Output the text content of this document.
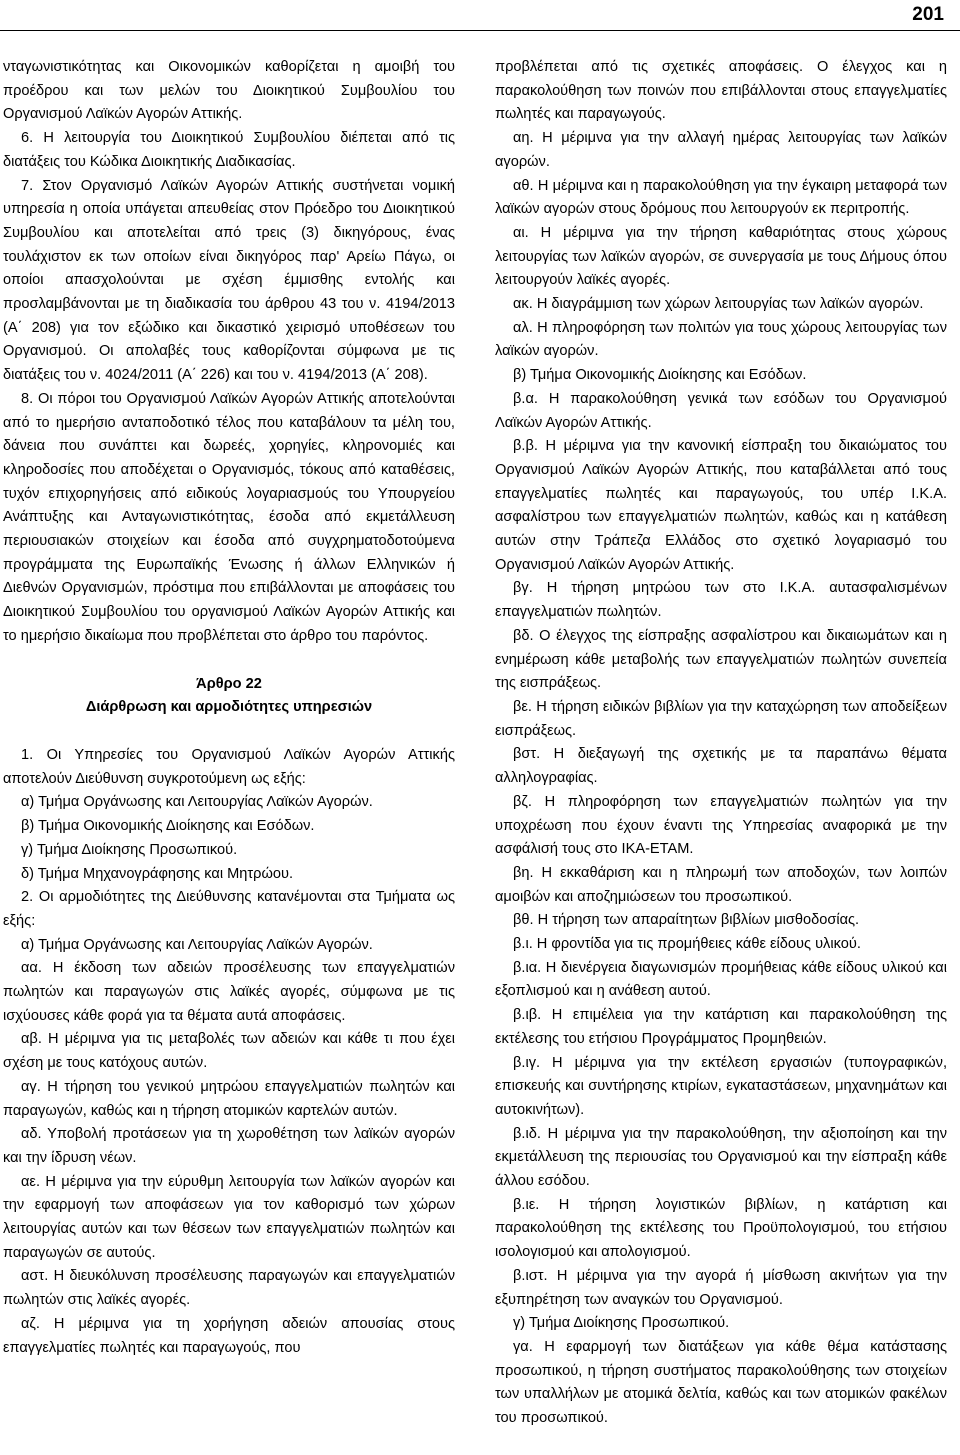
201

νταγωνιστικότητας και Οικονομικών καθορίζεται η αμοιβή του προέδρου και των μελών του Διοικητικού Συμβουλίου του Οργανισμού Λαϊκών Αγορών Αττικής.

6. Η λειτουργία του Διοικητικού Συμβουλίου διέπεται από τις διατάξεις του Κώδικα Διοικητικής Διαδικασίας.

7. Στον Οργανισμό Λαϊκών Αγορών Αττικής συστήνεται νομική υπηρεσία η οποία υπάγεται απευθείας στον Πρόεδρο του Διοικητικού Συμβουλίου και αποτελείται από τρεις (3) δικηγόρους, ένας τουλάχιστον εκ των οποίων είναι δικηγόρος παρ' Αρείω Πάγω, οι οποίοι απασχολούνται με σχέση έμμισθης εντολής και προσλαμβάνονται με τη διαδικασία του άρθρου 43 του ν. 4194/2013 (Α΄ 208) για τον εξώδικο και δικαστικό χειρισμό υποθέσεων του Οργανισμού. Οι απολαβές τους καθορίζονται σύμφωνα με τις διατάξεις του ν. 4024/2011 (Α΄ 226) και του ν. 4194/2013 (Α΄ 208).

8. Οι πόροι του Οργανισμού Λαϊκών Αγορών Αττικής αποτελούνται από το ημερήσιο ανταποδοτικό τέλος που καταβάλουν τα μέλη του, δάνεια που συνάπτει και δωρεές, χορηγίες, κληρονομιές και κληροδοσίες που αποδέχεται ο Οργανισμός, τόκους από καταθέσεις, τυχόν επιχορηγήσεις από ειδικούς λογαριασμούς του Υπουργείου Ανάπτυξης και Ανταγωνιστικότητας, έσοδα από εκμετάλλευση περιουσιακών στοιχείων και έσοδα από συγχρηματοδοτούμενα προγράμματα της Ευρωπαϊκής Ένωσης ή άλλων Ελληνικών ή Διεθνών Οργανισμών, πρόστιμα που επιβάλλονται με αποφάσεις του Διοικητικού Συμβουλίου του οργανισμού Λαϊκών Αγορών Αττικής και το ημερήσιο δικαίωμα που προβλέπεται στο άρθρο του παρόντος.

Άρθρο 22

Διάρθρωση και αρμοδιότητες υπηρεσιών

1. Οι Υπηρεσίες του Οργανισμού Λαϊκών Αγορών Αττικής αποτελούν Διεύθυνση συγκροτούμενη ως εξής:

α) Τμήμα Οργάνωσης και Λειτουργίας Λαϊκών Αγορών.

β) Τμήμα Οικονομικής Διοίκησης και Εσόδων.

γ) Τμήμα Διοίκησης Προσωπικού.

δ) Τμήμα Μηχανογράφησης και Μητρώου.

2. Οι αρμοδιότητες της Διεύθυνσης κατανέμονται στα Τμήματα ως εξής:

α) Τμήμα Οργάνωσης και Λειτουργίας Λαϊκών Αγορών.

αα. Η έκδοση των αδειών προσέλευσης των επαγγελματιών πωλητών και παραγωγών στις λαϊκές αγορές, σύμφωνα με τις ισχύουσες κάθε φορά για τα θέματα αυτά αποφάσεις.

αβ. Η μέριμνα για τις μεταβολές των αδειών και κάθε τι που έχει σχέση με τους κατόχους αυτών.

αγ. Η τήρηση του γενικού μητρώου επαγγελματιών πωλητών και παραγωγών, καθώς και η τήρηση ατομικών καρτελών αυτών.

αδ. Υποβολή προτάσεων για τη χωροθέτηση των λαϊκών αγορών και την ίδρυση νέων.

αε. Η μέριμνα για την εύρυθμη λειτουργία των λαϊκών αγορών και την εφαρμογή των αποφάσεων για τον καθορισμό των χώρων λειτουργίας αυτών και των θέσεων των επαγγελματιών πωλητών και παραγωγών σε αυτούς.

αστ. Η διευκόλυνση προσέλευσης παραγωγών και επαγγελματιών πωλητών στις λαϊκές αγορές.

αζ. Η μέριμνα για τη χορήγηση αδειών απουσίας στους επαγγελματίες πωλητές και παραγωγούς, που

προβλέπεται από τις σχετικές αποφάσεις. Ο έλεγχος και η παρακολούθηση των ποινών που επιβάλλονται στους επαγγελματίες πωλητές και παραγωγούς.

αη. Η μέριμνα για την αλλαγή ημέρας λειτουργίας των λαϊκών αγορών.

αθ. Η μέριμνα και η παρακολούθηση για την έγκαιρη μεταφορά των λαϊκών αγορών στους δρόμους που λειτουργούν εκ περιτροπής.

αι. Η μέριμνα για την τήρηση καθαριότητας στους χώρους λειτουργίας των λαϊκών αγορών, σε συνεργασία με τους Δήμους όπου λειτουργούν λαϊκές αγορές.

ακ. Η διαγράμμιση των χώρων λειτουργίας των λαϊκών αγορών.

αλ. Η πληροφόρηση των πολιτών για τους χώρους λειτουργίας των λαϊκών αγορών.

β) Τμήμα Οικονομικής Διοίκησης και Εσόδων.

β.α. Η παρακολούθηση γενικά των εσόδων του Οργανισμού Λαϊκών Αγορών Αττικής.

β.β. Η μέριμνα για την κανονική είσπραξη του δικαιώματος του Οργανισμού Λαϊκών Αγορών Αττικής, που καταβάλλεται από τους επαγγελματίες πωλητές και παραγωγούς, του υπέρ Ι.Κ.Α. ασφαλίστρου των επαγγελματιών πωλητών, καθώς και η κατάθεση αυτών στην Τράπεζα Ελλάδος στο σχετικό λογαριασμό του Οργανισμού Λαϊκών Αγορών Αττικής.

βγ. Η τήρηση μητρώου των στο Ι.Κ.Α. αυτασφαλισμένων επαγγελματιών πωλητών.

βδ. Ο έλεγχος της είσπραξης ασφαλίστρου και δικαιωμάτων και η ενημέρωση κάθε μεταβολής των επαγγελματιών πωλητών συνεπεία της εισπράξεως.

βε. Η τήρηση ειδικών βιβλίων για την καταχώρηση των αποδείξεων εισπράξεως.

βστ. Η διεξαγωγή της σχετικής με τα παραπάνω θέματα αλληλογραφίας.

βζ. Η πληροφόρηση των επαγγελματιών πωλητών για την υποχρέωση που έχουν έναντι της Υπηρεσίας αναφορικά με την ασφάλισή τους στο ΙΚΑ-ΕΤΑΜ.

βη. Η εκκαθάριση και η πληρωμή των αποδοχών, των λοιπών αμοιβών και αποζημιώσεων του προσωπικού.

βθ. Η τήρηση των απαραίτητων βιβλίων μισθοδοσίας.

β.ι. Η φροντίδα για τις προμήθειες κάθε είδους υλικού.

β.ια. Η διενέργεια διαγωνισμών προμήθειας κάθε είδους υλικού και εξοπλισμού και η ανάθεση αυτού.

β.ιβ. Η επιμέλεια για την κατάρτιση και παρακολούθηση της εκτέλεσης του ετήσιου Προγράμματος Προμηθειών.

β.ιγ. Η μέριμνα για την εκτέλεση εργασιών (τυπογραφικών, επισκευής και συντήρησης κτιρίων, εγκαταστάσεων, μηχανημάτων και αυτοκινήτων).

β.ιδ. Η μέριμνα για την παρακολούθηση, την αξιοποίηση και την εκμετάλλευση της περιουσίας του Οργανισμού και την είσπραξη κάθε άλλου εσόδου.

β.ιε. Η τήρηση λογιστικών βιβλίων, η κατάρτιση και παρακολούθηση της εκτέλεσης του Προϋπολογισμού, του ετήσιου ισολογισμού και απολογισμού.

β.ιστ. Η μέριμνα για την αγορά ή μίσθωση ακινήτων για την εξυπηρέτηση των αναγκών του Οργανισμού.

γ) Τμήμα Διοίκησης Προσωπικού.

γα. Η εφαρμογή των διατάξεων για κάθε θέμα κατάστασης προσωπικού, η τήρηση συστήματος παρακολούθησης των στοιχείων των υπαλλήλων με ατομικά δελτία, καθώς και των ατομικών φακέλων του προσωπικού.
